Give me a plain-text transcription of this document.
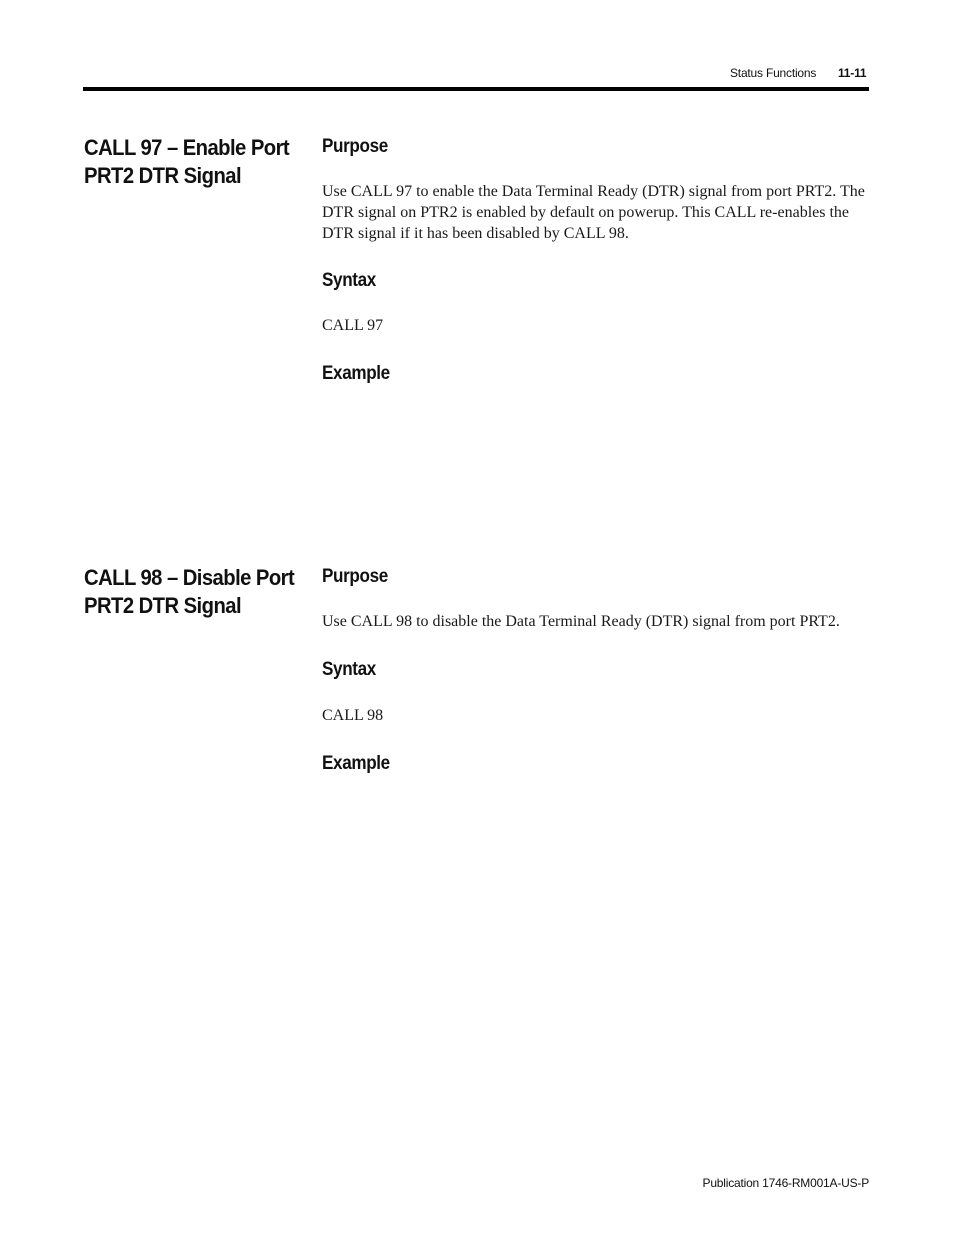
Status Functions 11-11
CALL 97 – Enable Port
PRT2 DTR Signal
Purpose

Use CALL 97 to enable the Data Terminal Ready (DTR) signal from port PRT2. The DTR signal on PTR2 is enabled by default on powerup. This CALL re-enables the DTR signal if it has been disabled by CALL 98.

Syntax

CALL 97

Example
CALL 98 – Disable Port
PRT2 DTR Signal
Purpose

Use CALL 98 to disable the Data Terminal Ready (DTR) signal from port PRT2.

Syntax

CALL 98

Example
Publication 1746-RM001A-US-P
